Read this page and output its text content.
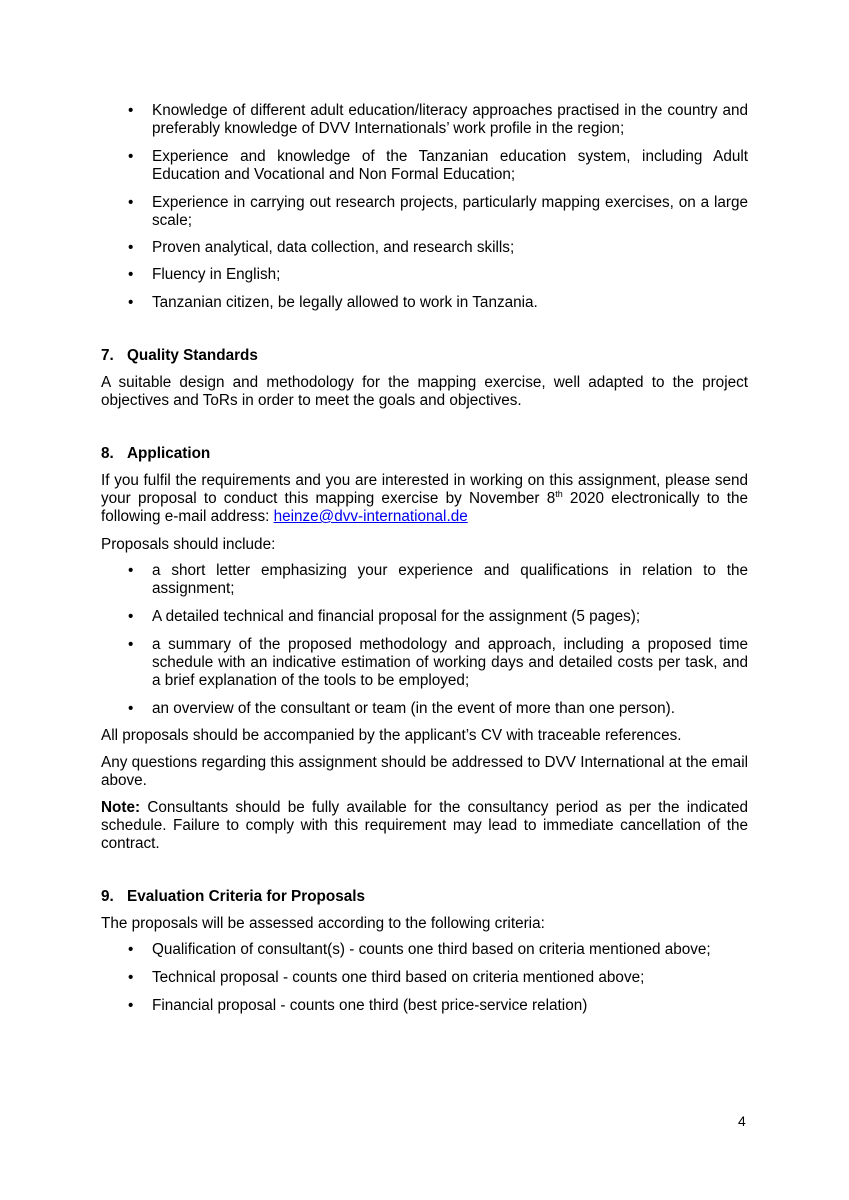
• Knowledge of different adult education/literacy approaches practised in the country and preferably knowledge of DVV Internationals’ work profile in the region;
• Experience and knowledge of the Tanzanian education system, including Adult Education and Vocational and Non Formal Education;
• Experience in carrying out research projects, particularly mapping exercises, on a large scale;
• Proven analytical, data collection, and research skills;
• Fluency in English;
• Tanzanian citizen, be legally allowed to work in Tanzania.
7. Quality Standards
A suitable design and methodology for the mapping exercise, well adapted to the project objectives and ToRs in order to meet the goals and objectives.
8. Application
If you fulfil the requirements and you are interested in working on this assignment, please send your proposal to conduct this mapping exercise by November 8th 2020 electronically to the following e-mail address: heinze@dvv-international.de
Proposals should include:
• a short letter emphasizing your experience and qualifications in relation to the assignment;
• A detailed technical and financial proposal for the assignment (5 pages);
• a summary of the proposed methodology and approach, including a proposed time schedule with an indicative estimation of working days and detailed costs per task, and a brief explanation of the tools to be employed;
• an overview of the consultant or team (in the event of more than one person).
All proposals should be accompanied by the applicant’s CV with traceable references.
Any questions regarding this assignment should be addressed to DVV International at the email above.
Note: Consultants should be fully available for the consultancy period as per the indicated schedule. Failure to comply with this requirement may lead to immediate cancellation of the contract.
9. Evaluation Criteria for Proposals
The proposals will be assessed according to the following criteria:
• Qualification of consultant(s) - counts one third based on criteria mentioned above;
• Technical proposal - counts one third based on criteria mentioned above;
• Financial proposal - counts one third (best price-service relation)
4
